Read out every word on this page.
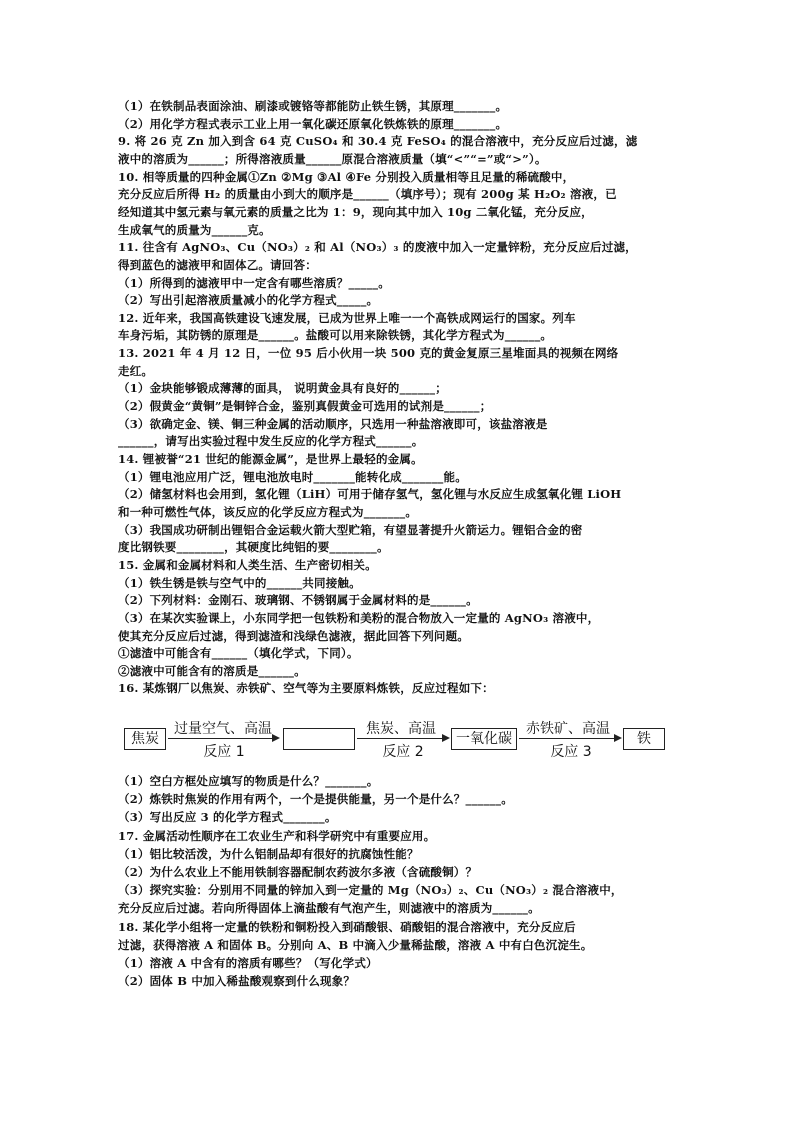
（1）在铁制品表面涂油、刷漆或镀铬等都能防止铁生锈，其原理_______。
（2）用化学方程式表示工业上用一氧化碳还原氧化铁炼铁的原理_______。
9. 将 26 克 Zn 加入到含 64 克 CuSO₄ 和 30.4 克 FeSO₄ 的混合溶液中，充分反应后过滤，滤
液中的溶质为______；所得溶液质量______原混合溶液质量（填“<”“=”或“>”）。
10. 相等质量的四种金属①Zn ②Mg ③Al ④Fe 分别投入质量相等且足量的稀硫酸中，
充分反应后所得 H₂ 的质量由小到大的顺序是______（填序号）；现有 200g 某 H₂O₂ 溶液，已
经知道其中氢元素与氧元素的质量之比为 1：9，现向其中加入 10g 二氧化锰，充分反应，
生成氧气的质量为______克。
11. 往含有 AgNO₃、Cu（NO₃）₂ 和 Al（NO₃）₃ 的废液中加入一定量锌粉，充分反应后过滤，
得到蓝色的滤液甲和固体乙。请回答：
（1）所得到的滤液甲中一定含有哪些溶质？_____。
（2）写出引起溶液质量减小的化学方程式_____。
12. 近年来，我国高铁建设飞速发展，已成为世界上唯一一个高铁成网运行的国家。列车
车身污垢，其防锈的原理是______。盐酸可以用来除铁锈，其化学方程式为______。
13. 2021 年 4 月 12 日，一位 95 后小伙用一块 500 克的黄金复原三星堆面具的视频在网络
走红。
（1）金块能够锻成薄薄的面具， 说明黄金具有良好的______；
（2）假黄金“黄铜”是铜锌合金，鉴别真假黄金可选用的试剂是______；
（3）欲确定金、镁、铜三种金属的活动顺序，只选用一种盐溶液即可，该盐溶液是
______，请写出实验过程中发生反应的化学方程式______。
14. 锂被誉“21 世纪的能源金属”，是世界上最轻的金属。
（1）锂电池应用广泛，锂电池放电时_______能转化成_______能。
（2）储氢材料也会用到，氢化锂（LiH）可用于储存氢气，氢化锂与水反应生成氢氧化锂 LiOH
和一种可燃性气体，该反应的化学反应方程式为_______。
（3）我国成功研制出锂铝合金运载火箭大型贮箱，有望显著提升火箭运力。锂铝合金的密
度比钢铁要________，其硬度比纯铝的要________。
15. 金属和金属材料和人类生活、生产密切相关。
（1）铁生锈是铁与空气中的______共同接触。
（2）下列材料：金刚石、玻璃钢、不锈钢属于金属材料的是______。
（3）在某次实验课上，小东同学把一包铁粉和美粉的混合物放入一定量的 AgNO₃ 溶液中，
使其充分反应后过滤，得到滤渣和浅绿色滤液，据此回答下列问题。
①滤渣中可能含有______（填化学式，下同）。
②滤液中可能含有的溶质是______。
16. 某炼钢厂以焦炭、赤铁矿、空气等为主要原料炼铁，反应过程如下：
焦炭
过量空气、高温
反应 1
焦炭、高温
反应 2
一氧化碳
赤铁矿、高温
反应 3
铁
（1）空白方框处应填写的物质是什么？_______。
（2）炼铁时焦炭的作用有两个，一个是提供能量，另一个是什么？______。
（3）写出反应 3 的化学方程式_______。
17. 金属活动性顺序在工农业生产和科学研究中有重要应用。
（1）铝比较活泼，为什么铝制品却有很好的抗腐蚀性能？
（2）为什么农业上不能用铁制容器配制农药波尔多液（含硫酸铜）？
（3）探究实验：分别用不同量的锌加入到一定量的 Mg（NO₃）₂、Cu（NO₃）₂ 混合溶液中，
充分反应后过滤。若向所得固体上滴盐酸有气泡产生，则滤液中的溶质为______。
18. 某化学小组将一定量的铁粉和铜粉投入到硝酸银、硝酸铝的混合溶液中，充分反应后
过滤，获得溶液 A 和固体 B。分别向 A、B 中滴入少量稀盐酸，溶液 A 中有白色沉淀生。
（1）溶液 A 中含有的溶质有哪些？（写化学式）
（2）固体 B 中加入稀盐酸观察到什么现象？
